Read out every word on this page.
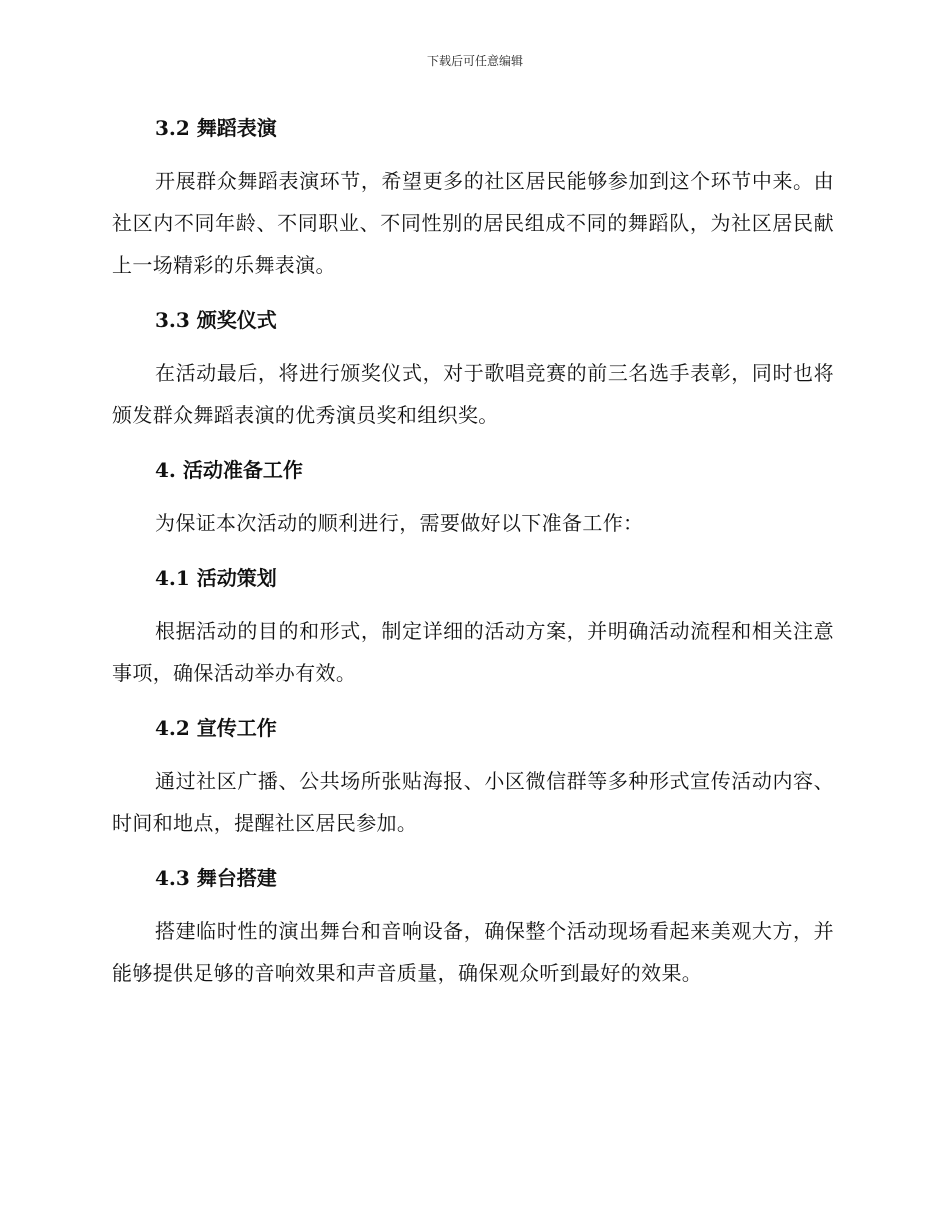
下载后可任意编辑
3.2 舞蹈表演

开展群众舞蹈表演环节，希望更多的社区居民能够参加到这个环节中来。由社区内不同年龄、不同职业、不同性别的居民组成不同的舞蹈队，为社区居民献上一场精彩的乐舞表演。

3.3 颁奖仪式

在活动最后，将进行颁奖仪式，对于歌唱竞赛的前三名选手表彰，同时也将颁发群众舞蹈表演的优秀演员奖和组织奖。

4. 活动准备工作

为保证本次活动的顺利进行，需要做好以下准备工作：

4.1 活动策划

根据活动的目的和形式，制定详细的活动方案，并明确活动流程和相关注意事项，确保活动举办有效。

4.2 宣传工作

通过社区广播、公共场所张贴海报、小区微信群等多种形式宣传活动内容、时间和地点，提醒社区居民参加。

4.3 舞台搭建

搭建临时性的演出舞台和音响设备，确保整个活动现场看起来美观大方，并能够提供足够的音响效果和声音质量，确保观众听到最好的效果。
